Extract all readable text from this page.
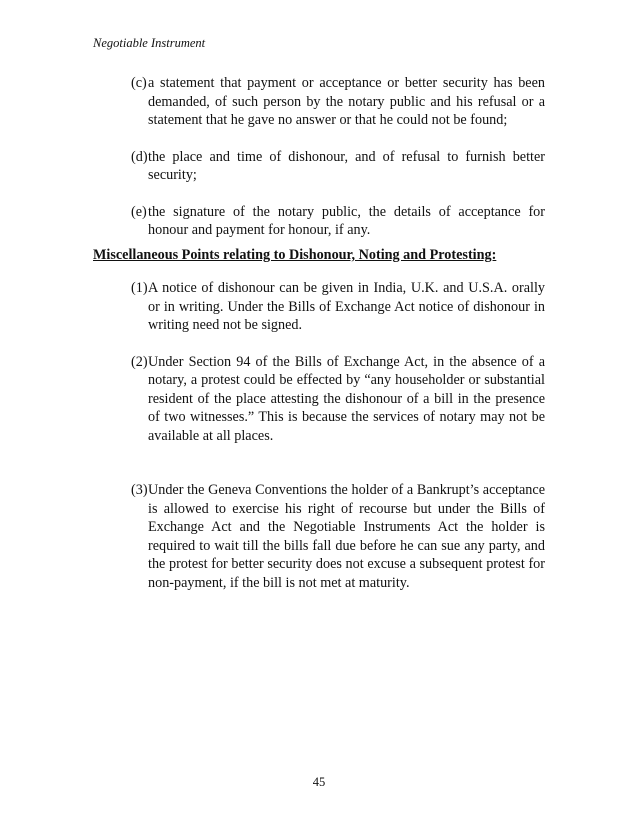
Negotiable Instrument
(c) a statement that payment or acceptance or better security has been demanded, of such person by the notary public and his refusal or a statement that he gave no answer or that he could not be found;
(d) the place and time of dishonour, and of refusal to furnish better security;
(e) the signature of the notary public, the details of acceptance for honour and payment for honour, if any.
Miscellaneous Points relating to Dishonour, Noting and Protesting:
(1) A notice of dishonour can be given in India, U.K. and U.S.A. orally or in writing. Under the Bills of Exchange Act notice of dishonour in writing need not be signed.
(2) Under Section 94 of the Bills of Exchange Act, in the absence of a notary, a protest could be effected by “any householder or substantial resident of the place attesting the dishonour of a bill in the presence of two witnesses.” This is because the services of notary may not be available at all places.
(3) Under the Geneva Conventions the holder of a Bankrupt’s acceptance is allowed to exercise his right of recourse but under the Bills of Exchange Act and the Negotiable Instruments Act the holder is required to wait till the bills fall due before he can sue any party, and the protest for better security does not excuse a subsequent protest for non-payment, if the bill is not met at maturity.
45
